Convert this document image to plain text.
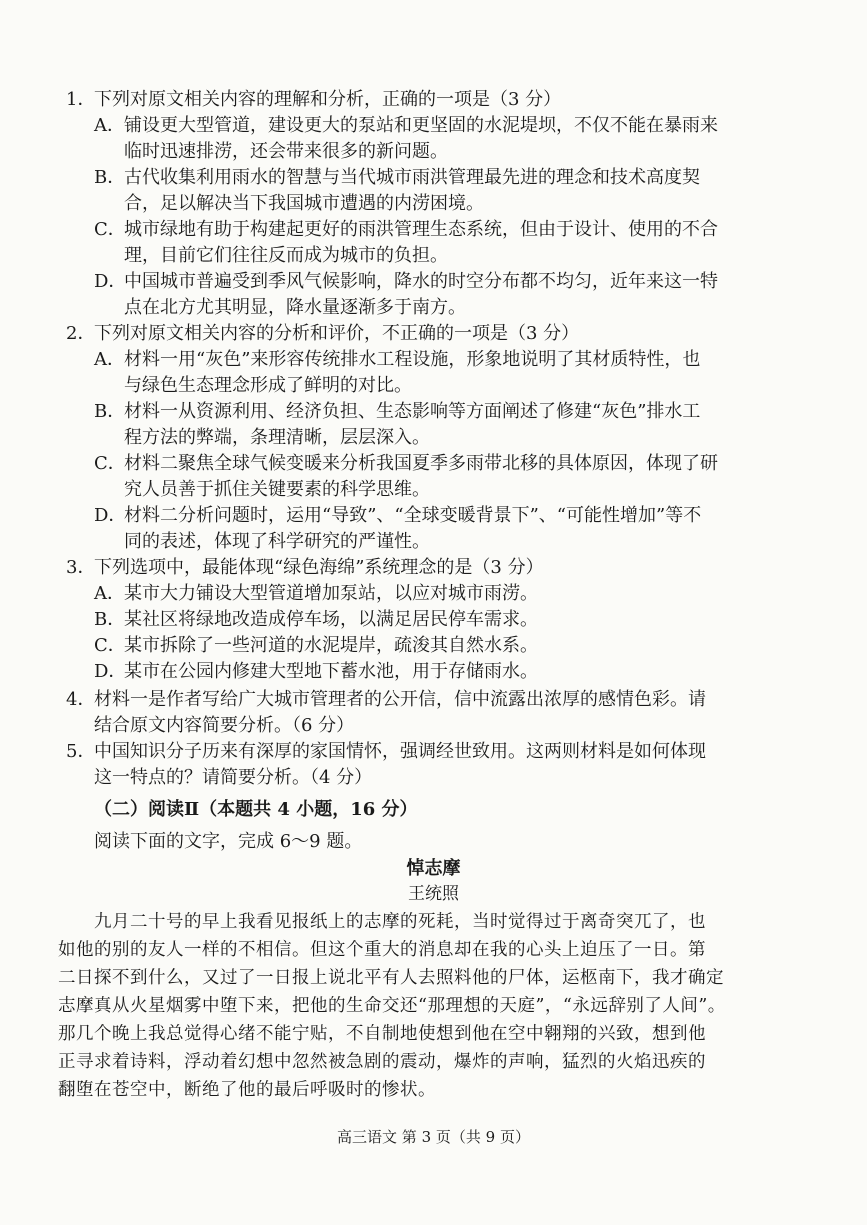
1．
下列对原文相关内容的理解和分析，正确的一项是（3 分）
A． 铺设更大型管道，建设更大的泵站和更坚固的水泥堤坝，不仅不能在暴雨来
临时迅速排涝，还会带来很多的新问题。
B．
古代收集利用雨水的智慧与当代城市雨洪管理最先进的理念和技术高度契
合，足以解决当下我国城市遭遇的内涝困境。
C．
城市绿地有助于构建起更好的雨洪管理生态系统，但由于设计、使用的不合
理，目前它们往往反而成为城市的负担。
D．
中国城市普遍受到季风气候影响，降水的时空分布都不均匀，近年来这一特
点在北方尤其明显，降水量逐渐多于南方。
2．
下列对原文相关内容的分析和评价，不正确的一项是（3 分）
A． 材料一用“灰色”来形容传统排水工程设施，形象地说明了其材质特性，也
与绿色生态理念形成了鲜明的对比。
B．
材料一从资源利用、经济负担、生态影响等方面阐述了修建“灰色”排水工
程方法的弊端，条理清晰，层层深入。
C．
材料二聚焦全球气候变暖来分析我国夏季多雨带北移的具体原因，体现了研
究人员善于抓住关键要素的科学思维。
D．
材料二分析问题时，运用“导致”、“全球变暖背景下”、“可能性增加”等不
同的表述，体现了科学研究的严谨性。
3．
下列选项中，最能体现“绿色海绵”系统理念的是（3 分）
A． 某市大力铺设大型管道增加泵站，以应对城市雨涝。
B．
某社区将绿地改造成停车场，以满足居民停车需求。
C．
某市拆除了一些河道的水泥堤岸，疏浚其自然水系。
D．
某市在公园内修建大型地下蓄水池，用于存储雨水。
4．
材料一是作者写给广大城市管理者的公开信，信中流露出浓厚的感情色彩。请
结合原文内容简要分析。（6 分）
5．
中国知识分子历来有深厚的家国情怀，强调经世致用。这两则材料是如何体现
这一特点的？请简要分析。（4 分）
（二）阅读Ⅱ（本题共 4 小题，16 分）
阅读下面的文字，完成 6～9 题。
悼志摩
王统照
九月二十号的早上我看见报纸上的志摩的死耗，当时觉得过于离奇突兀了，也
如他的别的友人一样的不相信。但这个重大的消息却在我的心头上迫压了一日。第
二日探不到什么，又过了一日报上说北平有人去照料他的尸体，运柩南下，我才确定
志摩真从火星烟雾中堕下来，把他的生命交还“那理想的天庭”，“永远辞别了人间”。
那几个晚上我总觉得心绪不能宁贴，不自制地使想到他在空中翱翔的兴致，想到他
正寻求着诗料，浮动着幻想中忽然被急剧的震动，爆炸的声响，猛烈的火焰迅疾的
翻堕在苍空中，断绝了他的最后呼吸时的惨状。
高三语文 第 3 页（共 9 页）
